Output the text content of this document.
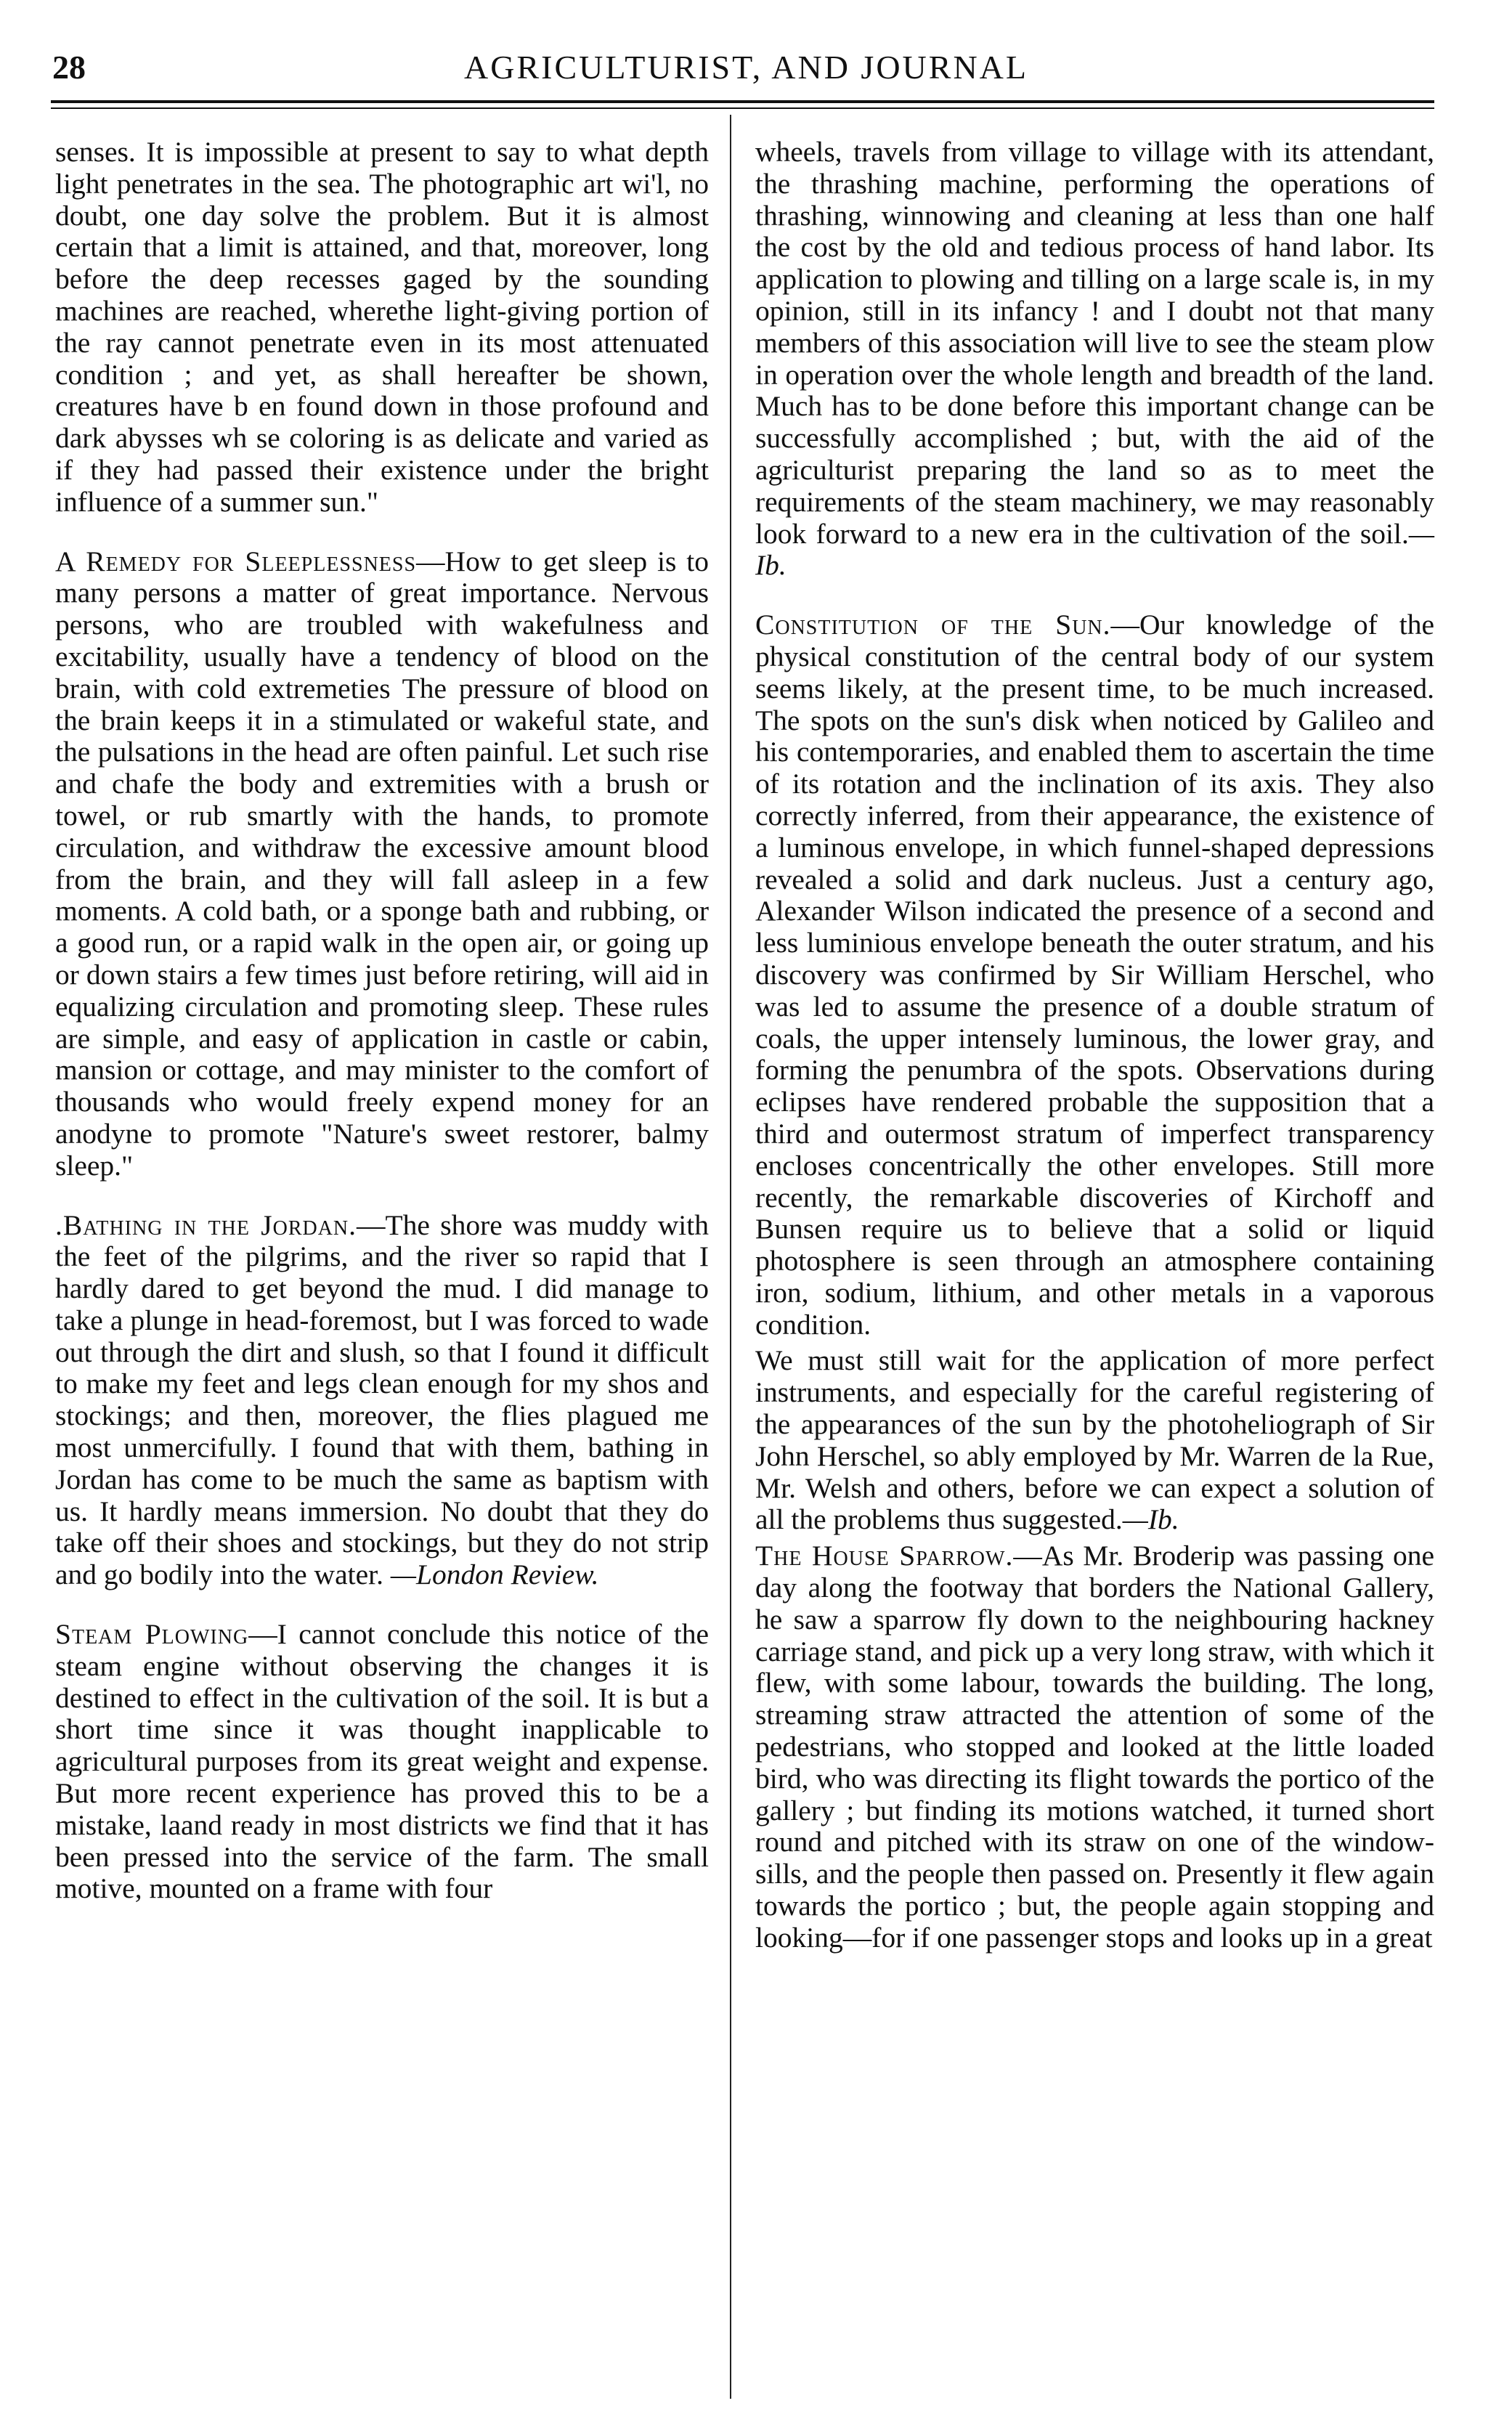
28	AGRICULTURIST, AND JOURNAL

senses. It is impossible at present to say to what depth light penetrates in the sea. The photographic art wi'l, no doubt, one day solve the problem. But it is almost certain that a limit is attained, and that, moreover, long before the deep recesses gaged by the sounding machines are reached, wherethe light-giving portion of the ray cannot penetrate even in its most attenuated condition ; and yet, as shall hereafter be shown, creatures have b en found down in those profound and dark abysses wh se coloring is as delicate and varied as if they had passed their existence under the bright influence of a summer sun."

A Remedy for Sleeplessness—How to get sleep is to many persons a matter of great importance. Nervous persons, who are troubled with wakefulness and excitability, usually have a tendency of blood on the brain, with cold extremeties The pressure of blood on the brain keeps it in a stimulated or wakeful state, and the pulsations in the head are often painful. Let such rise and chafe the body and extremities with a brush or towel, or rub smartly with the hands, to promote circulation, and withdraw the excessive amount blood from the brain, and they will fall asleep in a few moments. A cold bath, or a sponge bath and rubbing, or a good run, or a rapid walk in the open air, or going up or down stairs a few times just before retiring, will aid in equalizing circulation and promoting sleep. These rules are simple, and easy of application in castle or cabin, mansion or cottage, and may minister to the comfort of thousands who would freely expend money for an anodyne to promote "Nature's sweet restorer, balmy sleep."

.Bathing in the Jordan.—The shore was muddy with the feet of the pilgrims, and the river so rapid that I hardly dared to get beyond the mud. I did manage to take a plunge in head-foremost, but I was forced to wade out through the dirt and slush, so that I found it difficult to make my feet and legs clean enough for my shos and stockings; and then, moreover, the flies plagued me most unmercifully. I found that with them, bathing in Jordan has come to be much the same as baptism with us. It hardly means immersion. No doubt that they do take off their shoes and stockings, but they do not strip and go bodily into the water. —London Review.

Steam Plowing—I cannot conclude this notice of the steam engine without observing the changes it is destined to effect in the cultivation of the soil. It is but a short time since it was thought inapplicable to agricultural purposes from its great weight and expense. But more recent experience has proved this to be a mistake, laand ready in most districts we find that it has been pressed into the service of the farm. The small motive, mounted on a frame with four

wheels, travels from village to village with its attendant, the thrashing machine, performing the operations of thrashing, winnowing and cleaning at less than one half the cost by the old and tedious process of hand labor. Its application to plowing and tilling on a large scale is, in my opinion, still in its infancy ! and I doubt not that many members of this association will live to see the steam plow in operation over the whole length and breadth of the land. Much has to be done before this important change can be successfully accomplished ; but, with the aid of the agriculturist preparing the land so as to meet the requirements of the steam machinery, we may reasonably look forward to a new era in the cultivation of the soil.—Ib.

Constitution of the Sun.—Our knowledge of the physical constitution of the central body of our system seems likely, at the present time, to be much increased. The spots on the sun's disk when noticed by Galileo and his contemporaries, and enabled them to ascertain the time of its rotation and the inclination of its axis. They also correctly inferred, from their appearance, the existence of a luminous envelope, in which funnel-shaped depressions revealed a solid and dark nucleus. Just a century ago, Alexander Wilson indicated the presence of a second and less luminious envelope beneath the outer stratum, and his discovery was confirmed by Sir William Herschel, who was led to assume the presence of a double stratum of coals, the upper intensely luminous, the lower gray, and forming the penumbra of the spots. Observations during eclipses have rendered probable the supposition that a third and outermost stratum of imperfect transparency encloses concentrically the other envelopes. Still more recently, the remarkable discoveries of Kirchoff and Bunsen require us to believe that a solid or liquid photosphere is seen through an atmosphere containing iron, sodium, lithium, and other metals in a vaporous condition.

We must still wait for the application of more perfect instruments, and especially for the careful registering of the appearances of the sun by the photoheliograph of Sir John Herschel, so ably employed by Mr. Warren de la Rue, Mr. Welsh and others, before we can expect a solution of all the problems thus suggested.—Ib.

The House Sparrow.—As Mr. Broderip was passing one day along the footway that borders the National Gallery, he saw a sparrow fly down to the neighbouring hackney carriage stand, and pick up a very long straw, with which it flew, with some labour, towards the building. The long, streaming straw attracted the attention of some of the pedestrians, who stopped and looked at the little loaded bird, who was directing its flight towards the portico of the gallery ; but finding its motions watched, it turned short round and pitched with its straw on one of the window-sills, and the people then passed on. Presently it flew again towards the portico ; but, the people again stopping and looking—for if one passenger stops and looks up in a great
